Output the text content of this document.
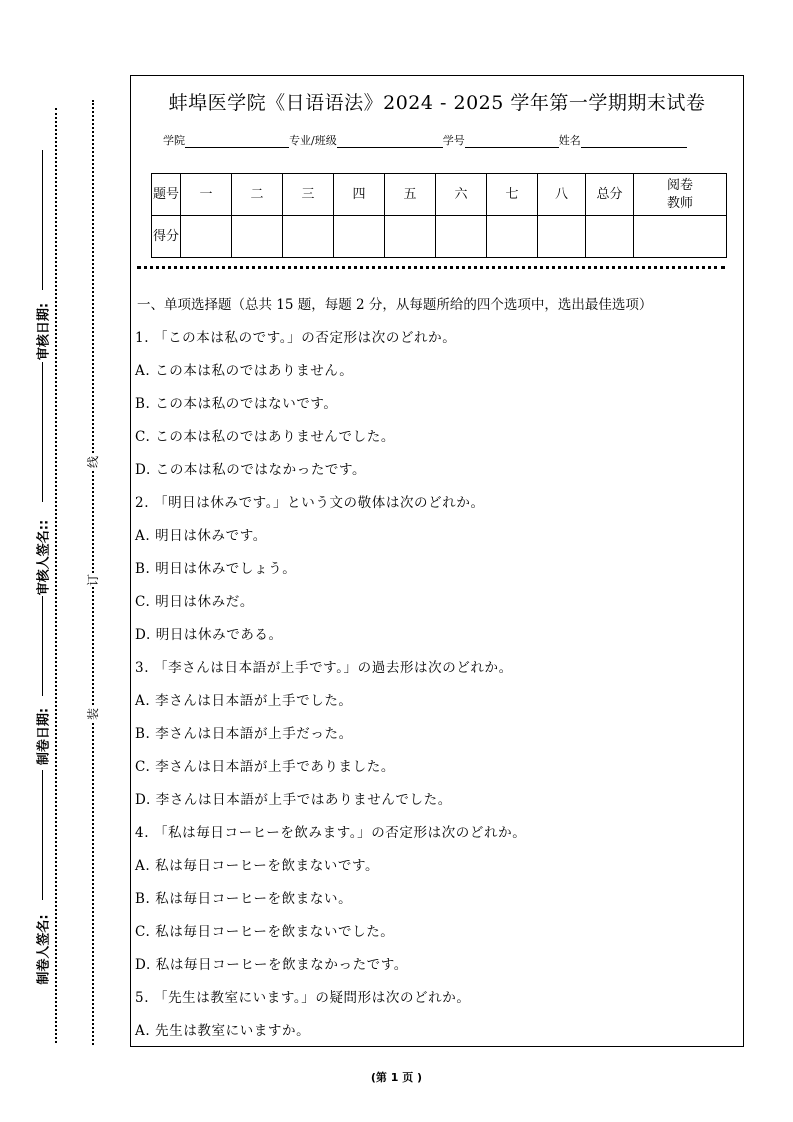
审核日期:
审核人签名::
制卷日期:
制卷人签名:
线
订
装
蚌埠医学院《日语语法》2024 - 2025 学年第一学期期末试卷
学院	专业/班级	学号	姓名
题号	一	二	三	四	五	六	七	八	总分	阅卷教师
得分										
一、单项选择题（总共 15 题，每题 2 分，从每题所给的四个选项中，选出最佳选项）
1. 「この本は私のです。」の否定形は次のどれか。
A. この本は私のではありません。
B. この本は私のではないです。
C. この本は私のではありませんでした。
D. この本は私のではなかったです。
2. 「明日は休みです。」という文の敬体は次のどれか。
A. 明日は休みです。
B. 明日は休みでしょう。
C. 明日は休みだ。
D. 明日は休みである。
3. 「李さんは日本語が上手です。」の過去形は次のどれか。
A. 李さんは日本語が上手でした。
B. 李さんは日本語が上手だった。
C. 李さんは日本語が上手でありました。
D. 李さんは日本語が上手ではありませんでした。
4. 「私は毎日コーヒーを飲みます。」の否定形は次のどれか。
A. 私は毎日コーヒーを飲まないです。
B. 私は毎日コーヒーを飲まない。
C. 私は毎日コーヒーを飲まないでした。
D. 私は毎日コーヒーを飲まなかったです。
5. 「先生は教室にいます。」の疑問形は次のどれか。
A. 先生は教室にいますか。
(第 1 页 )
